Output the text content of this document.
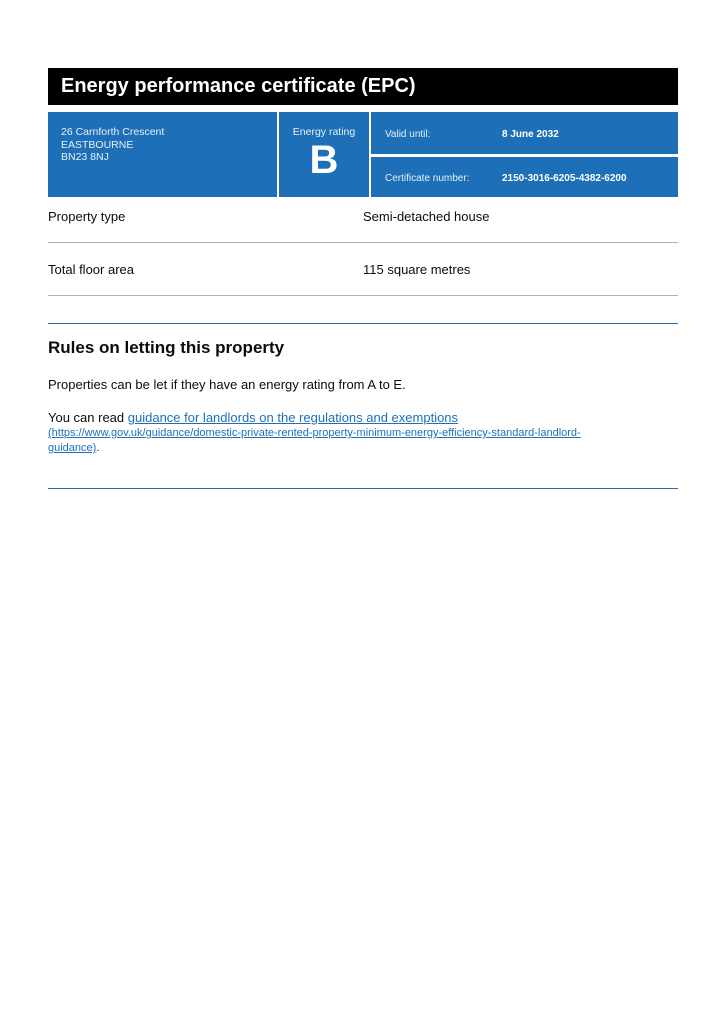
Energy performance certificate (EPC)
26 Carnforth Crescent
EASTBOURNE
BN23 8NJ
Energy rating
B
Valid until:	8 June 2032
Certificate number:	2150-3016-6205-4382-6200
Property type	Semi-detached house
Total floor area	115 square metres
Rules on letting this property

Properties can be let if they have an energy rating from A to E.

You can read guidance for landlords on the regulations and exemptions
(https://www.gov.uk/guidance/domestic-private-rented-property-minimum-energy-efficiency-standard-landlord-
guidance).
